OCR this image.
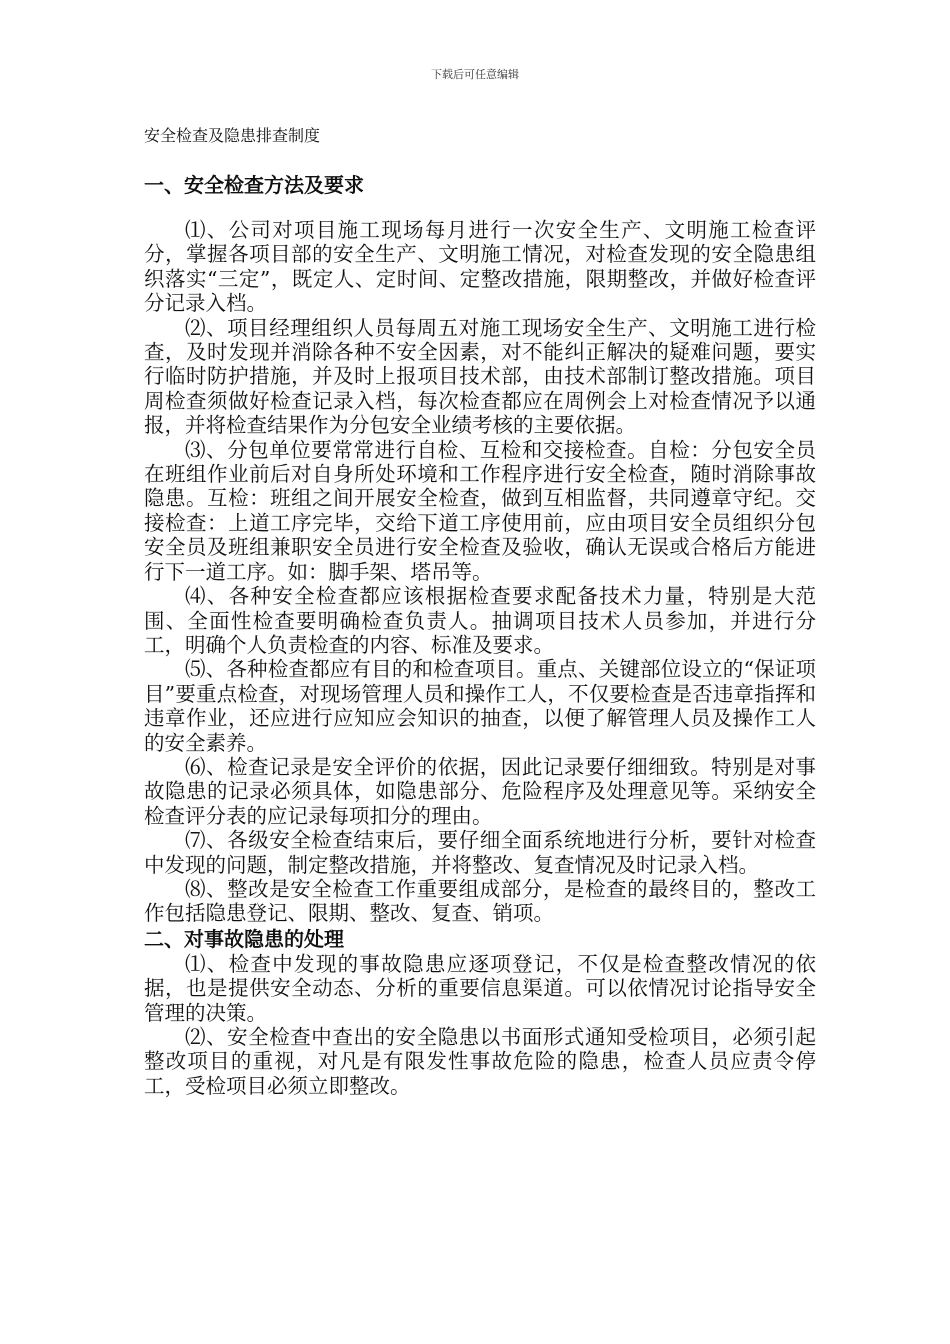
下载后可任意编辑
安全检查及隐患排查制度
一、安全检查方法及要求

⑴、公司对项目施工现场每月进行一次安全生产、文明施工检查评分，掌握各项目部的安全生产、文明施工情况，对检查发现的安全隐患组织落实“三定”，既定人、定时间、定整改措施，限期整改，并做好检查评分记录入档。

⑵、项目经理组织人员每周五对施工现场安全生产、文明施工进行检查，及时发现并消除各种不安全因素，对不能纠正解决的疑难问题，要实行临时防护措施，并及时上报项目技术部，由技术部制订整改措施。项目周检查须做好检查记录入档，每次检查都应在周例会上对检查情况予以通报，并将检查结果作为分包安全业绩考核的主要依据。

⑶、分包单位要常常进行自检、互检和交接检查。自检：分包安全员在班组作业前后对自身所处环境和工作程序进行安全检查，随时消除事故隐患。互检：班组之间开展安全检查，做到互相监督，共同遵章守纪。交接检查：上道工序完毕，交给下道工序使用前，应由项目安全员组织分包安全员及班组兼职安全员进行安全检查及验收，确认无误或合格后方能进行下一道工序。如：脚手架、塔吊等。

⑷、各种安全检查都应该根据检查要求配备技术力量，特别是大范围、全面性检查要明确检查负责人。抽调项目技术人员参加，并进行分工，明确个人负责检查的内容、标准及要求。

⑸、各种检查都应有目的和检查项目。重点、关键部位设立的“保证项目”要重点检查，对现场管理人员和操作工人，不仅要检查是否违章指挥和违章作业，还应进行应知应会知识的抽查，以便了解管理人员及操作工人的安全素养。

⑹、检查记录是安全评价的依据，因此记录要仔细细致。特别是对事故隐患的记录必须具体，如隐患部分、危险程序及处理意见等。采纳安全检查评分表的应记录每项扣分的理由。

⑺、各级安全检查结束后，要仔细全面系统地进行分析，要针对检查中发现的问题，制定整改措施，并将整改、复查情况及时记录入档。

⑻、整改是安全检查工作重要组成部分，是检查的最终目的，整改工作包括隐患登记、限期、整改、复查、销项。

二、对事故隐患的处理

⑴、检查中发现的事故隐患应逐项登记，不仅是检查整改情况的依据，也是提供安全动态、分析的重要信息渠道。可以依情况讨论指导安全管理的决策。

⑵、安全检查中查出的安全隐患以书面形式通知受检项目，必须引起整改项目的重视，对凡是有限发性事故危险的隐患，检查人员应责令停工，受检项目必须立即整改。
